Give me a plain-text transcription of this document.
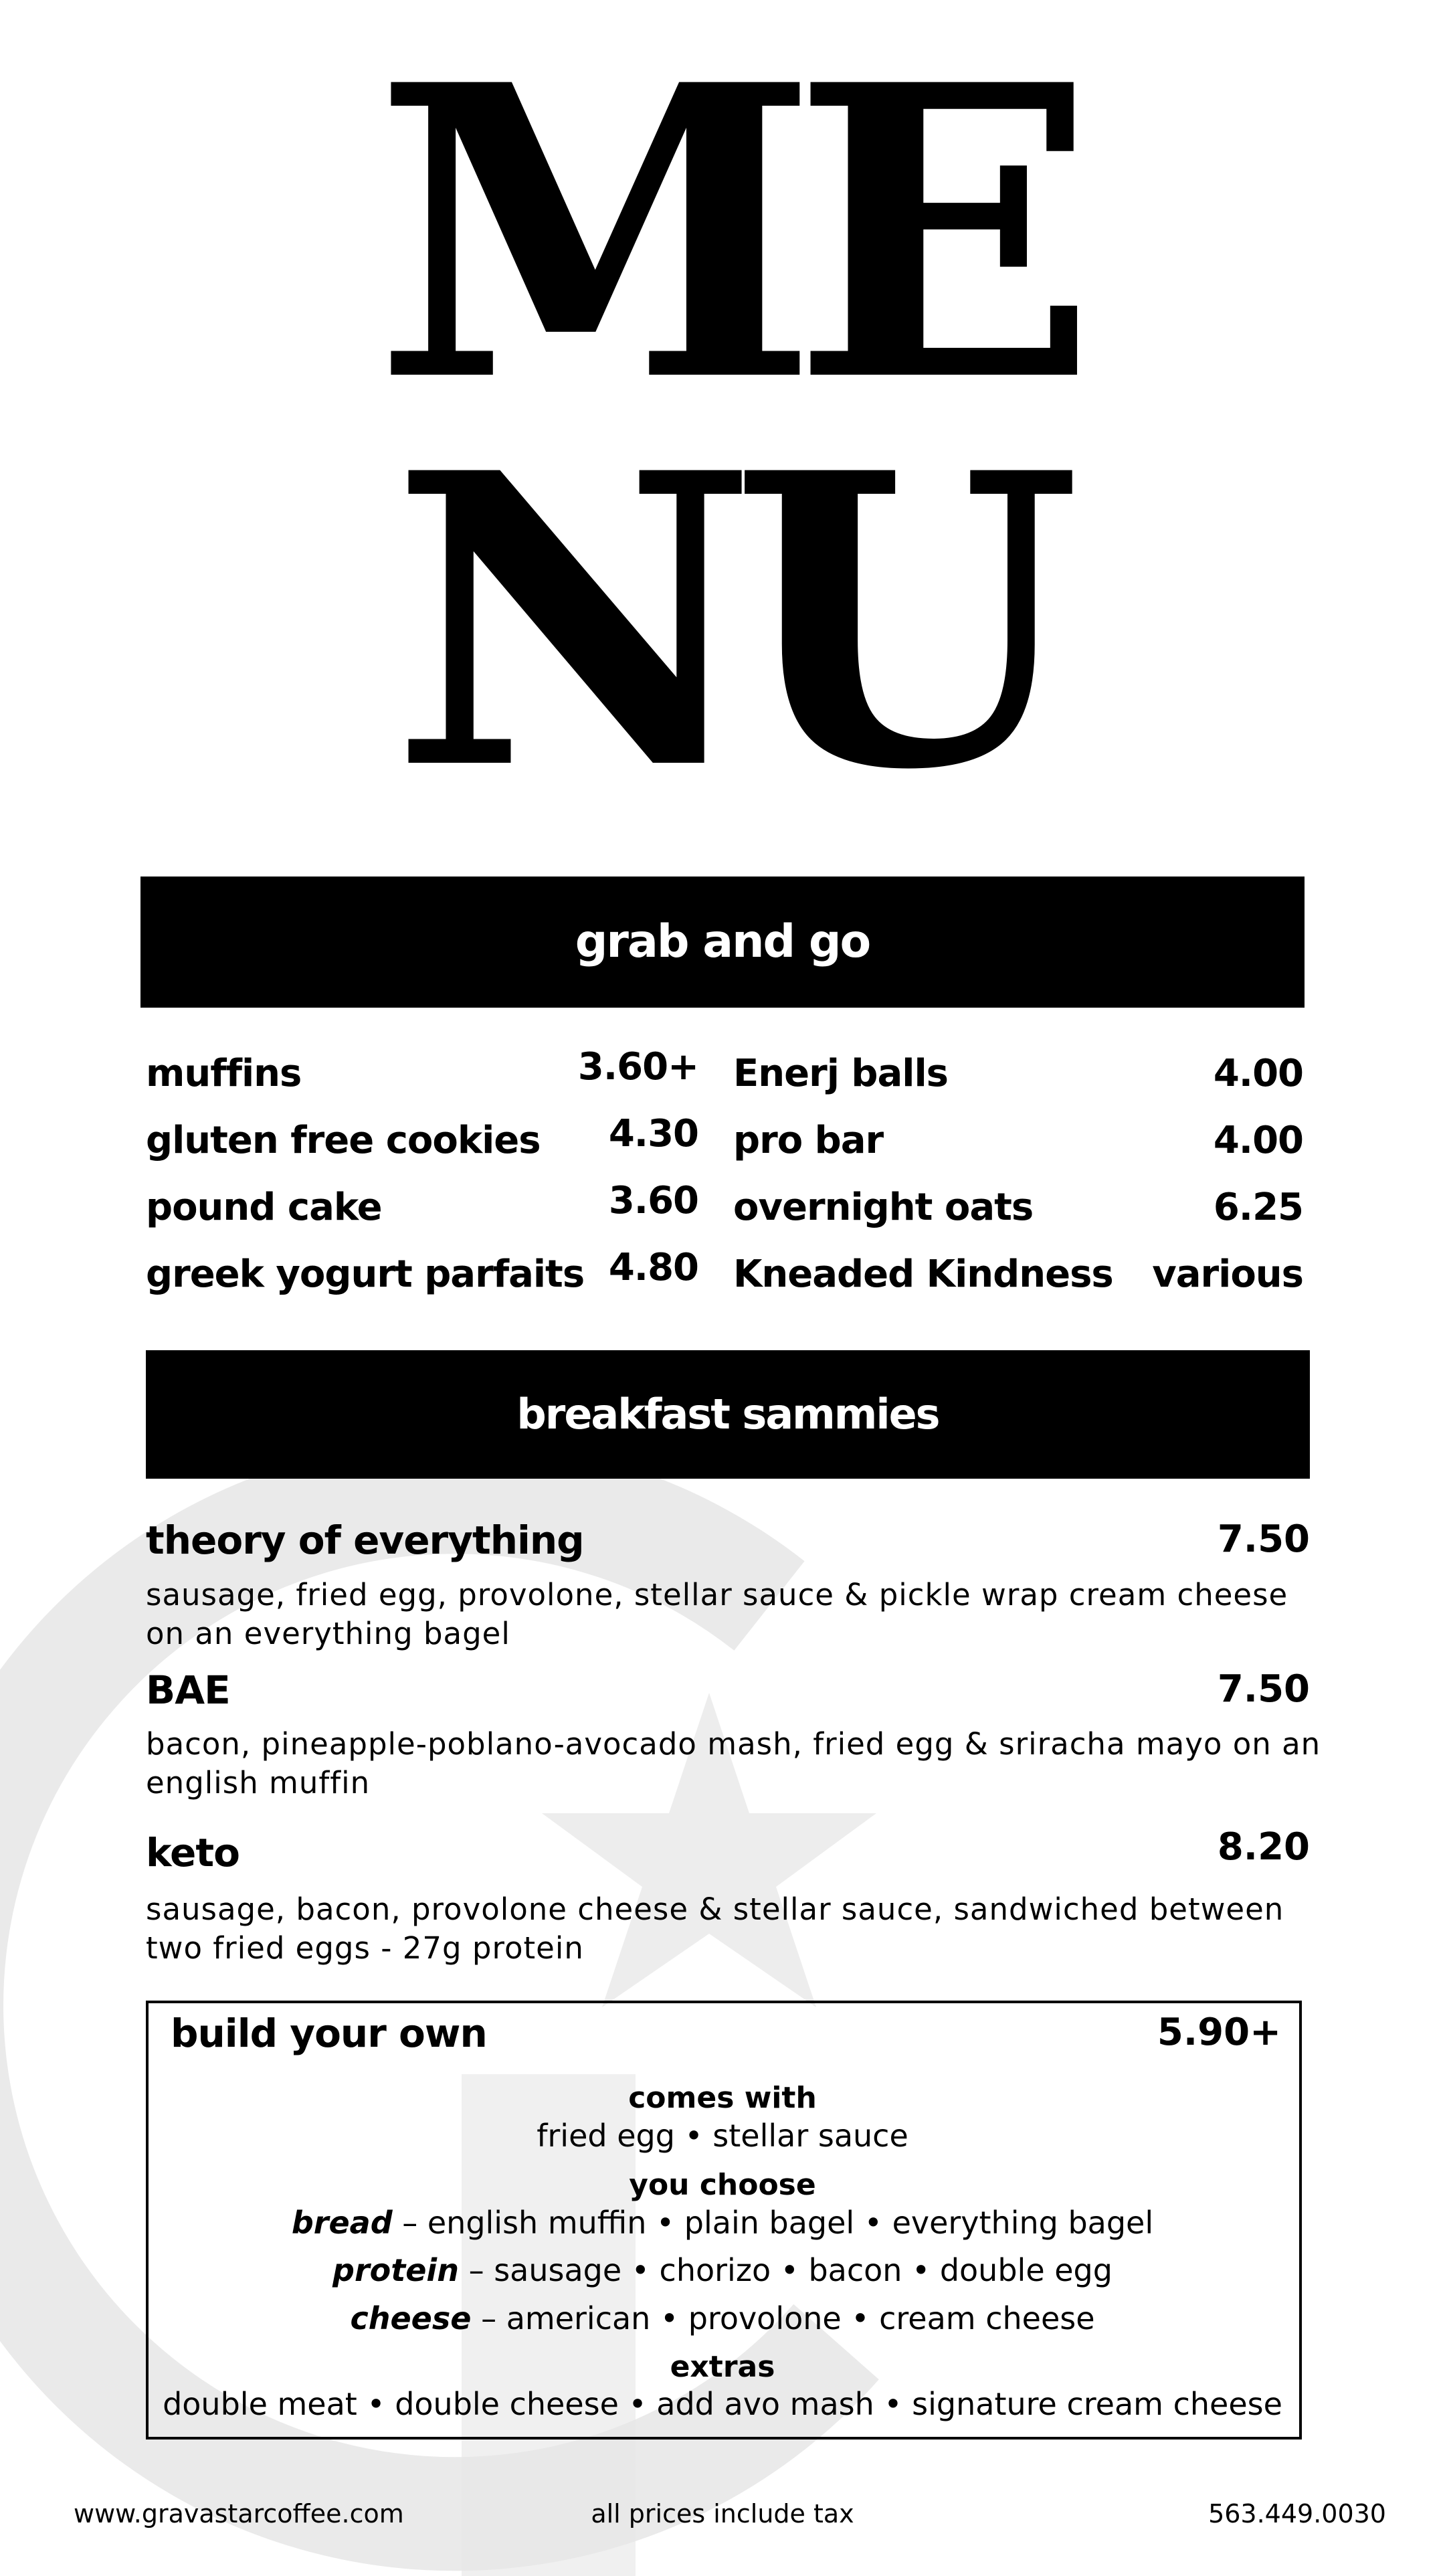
ME
NU
grab and go
muffins	3.60+
gluten free cookies 4.30
pound cake	3.60
greek yogurt parfaits 4.80
Enerj balls	4.00
pro bar	4.00
overnight oats	6.25
Kneaded Kindness various
breakfast sammies
theory of everything	7.50
sausage, fried egg, provolone, stellar sauce & pickle wrap cream cheese on an everything bagel
BAE	7.50
bacon, pineapple-poblano-avocado mash, fried egg & sriracha mayo on an english muffin
keto	8.20
sausage, bacon, provolone cheese & stellar sauce, sandwiched between two fried eggs - 27g protein
build your own	5.90+
comes with
fried egg • stellar sauce
you choose
bread – english muffin • plain bagel • everything bagel
protein – sausage • chorizo • bacon • double egg
cheese – american • provolone • cream cheese
extras
double meat • double cheese • add avo mash • signature cream cheese
www.gravastarcoffee.com	all prices include tax	563.449.0030
